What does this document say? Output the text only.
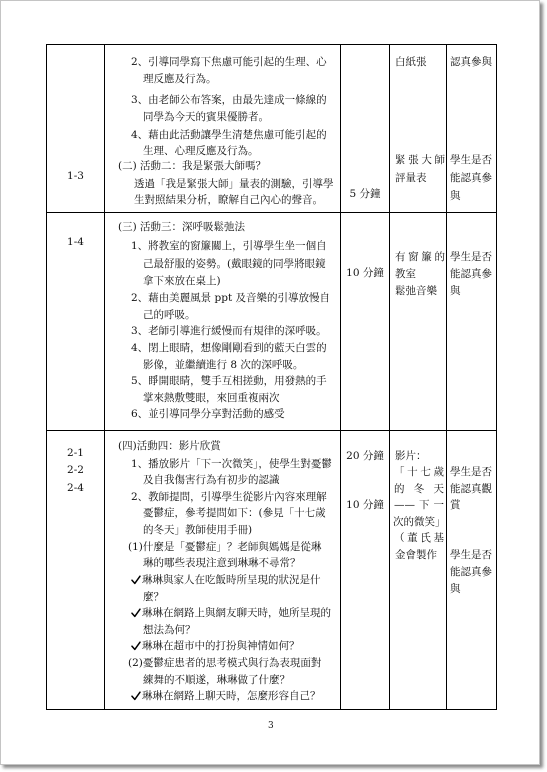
1-3
2、引導同學寫下焦慮可能引起的生理、心
理反應及行為。
3、由老師公布答案，由最先達成一條線的
同學為今天的賓果優勝者。
4、藉由此活動讓學生清楚焦慮可能引起的
生理、心理反應及行為。
(二) 活動二：我是緊張大師嗎？
透過「我是緊張大師」量表的測驗，引導學
生對照結果分析，瞭解自己內心的聲音。	5 分鐘
白紙張
緊張大師
評量表
認真參與
學生是否
能認真參
與
1-4
(三) 活動三：深呼吸鬆弛法
1、將教室的窗簾關上，引導學生坐一個自
己最舒服的姿勢。(戴眼鏡的同學將眼鏡
拿下來放在桌上)
2、藉由美麗風景 ppt 及音樂的引導放慢自
己的呼吸。
3、老師引導進行緩慢而有規律的深呼吸。
4、閉上眼睛，想像剛剛看到的藍天白雲的
影像，並繼續進行 8 次的深呼吸。
5、睜開眼睛，雙手互相搓動，用發熱的手
掌來熱敷雙眼，來回重複兩次
6、並引導同學分享對活動的感受
10 分鐘
有窗簾的
教室
鬆弛音樂
學生是否
能認真參
與
2-1
2-2
2-4
(四)活動四：影片欣賞
1、播放影片「下一次微笑」，使學生對憂鬱
及自我傷害行為有初步的認識
2、教師提問，引導學生從影片內容來理解
憂鬱症，參考提問如下：(參見「十七歲
的冬天」教師使用手冊)
(1)什麼是「憂鬱症」？老師與媽媽是從琳
琳的哪些表現注意到琳琳不尋常？
琳琳與家人在吃飯時所呈現的狀況是什
麼？
琳琳在網路上與網友聊天時，她所呈現的
想法為何？
琳琳在超市中的打扮與神情如何？
(2)憂鬱症患者的思考模式與行為表現面對
練舞的不順遂，琳琳做了什麼？
琳琳在網路上聊天時，怎麼形容自己？
20 分鐘
10 分鐘
影片：
「十七歲
的冬天
——下一
次的微笑」
（董氏基
金會製作
學生是否
能認真觀
賞
學生是否
能認真參
與
3
